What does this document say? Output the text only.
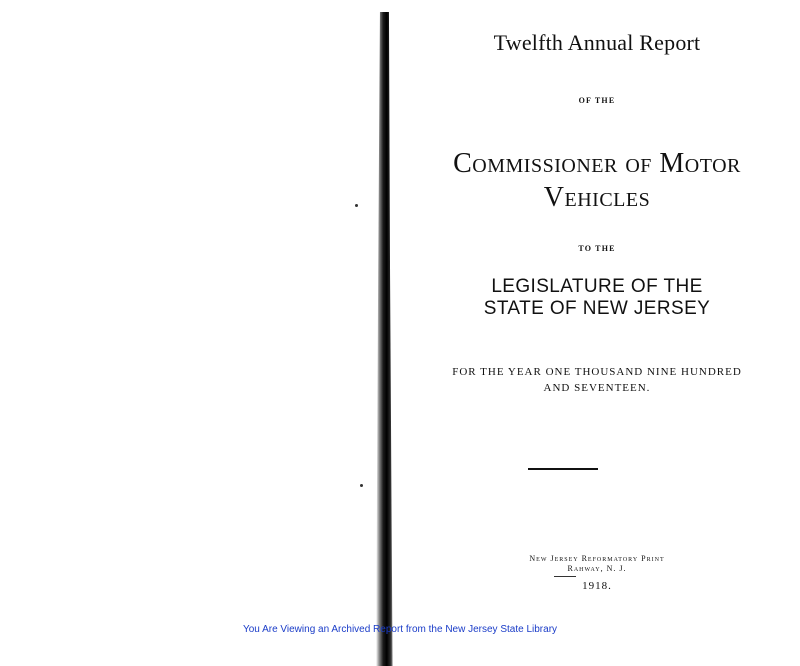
Twelfth Annual Report
OF THE
Commissioner of Motor
Vehicles
TO THE
LEGISLATURE OF THE
STATE OF NEW JERSEY
FOR THE YEAR ONE THOUSAND NINE HUNDRED
AND SEVENTEEN.
New Jersey Reformatory Print
Rahway, N. J.
1918.
You Are Viewing an Archived Report from the New Jersey State Library
